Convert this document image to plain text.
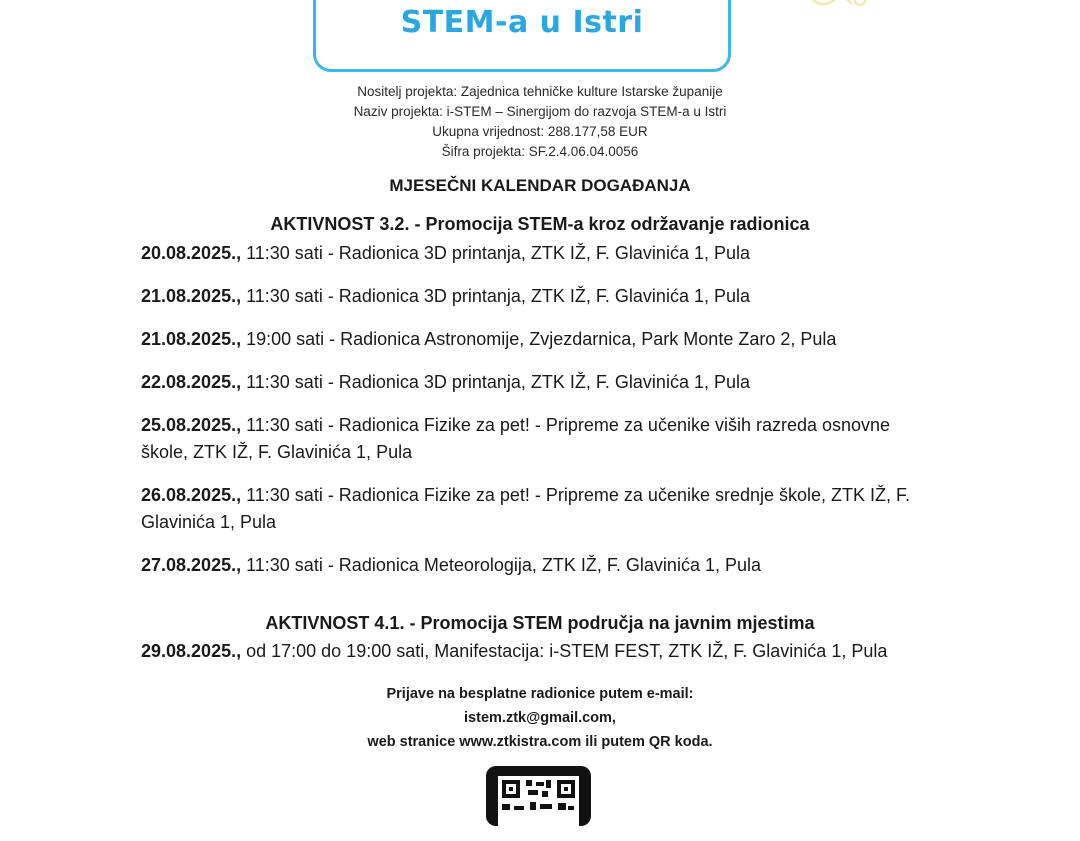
STEM-a u Istri
Nositelj projekta: Zajednica tehničke kulture Istarske županije
Naziv projekta: i-STEM – Sinergijom do razvoja STEM-a u Istri
Ukupna vrijednost: 288.177,58 EUR
Šifra projekta: SF.2.4.06.04.0056
MJESEČNI KALENDAR DOGAĐANJA
AKTIVNOST 3.2. - Promocija STEM-a kroz održavanje radionica
20.08.2025., 11:30 sati - Radionica 3D printanja, ZTK IŽ, F. Glavinića 1, Pula
21.08.2025., 11:30 sati - Radionica 3D printanja, ZTK IŽ, F. Glavinića 1, Pula
21.08.2025., 19:00 sati - Radionica Astronomije, Zvjezdarnica, Park Monte Zaro 2, Pula
22.08.2025., 11:30 sati - Radionica 3D printanja, ZTK IŽ, F. Glavinića 1, Pula
25.08.2025., 11:30 sati - Radionica Fizike za pet! - Pripreme za učenike viših razreda osnovne škole, ZTK IŽ, F. Glavinića 1, Pula
26.08.2025., 11:30 sati - Radionica Fizike za pet! - Pripreme za učenike srednje škole, ZTK IŽ, F. Glavinića 1, Pula
27.08.2025., 11:30 sati - Radionica Meteorologija, ZTK IŽ, F. Glavinića 1, Pula
AKTIVNOST 4.1. - Promocija STEM područja na javnim mjestima
29.08.2025., od 17:00 do 19:00 sati, Manifestacija: i-STEM FEST, ZTK IŽ, F. Glavinića 1, Pula
Prijave na besplatne radionice putem e-mail:
istem.ztk@gmail.com,
web stranice www.ztkistra.com ili putem QR koda.
